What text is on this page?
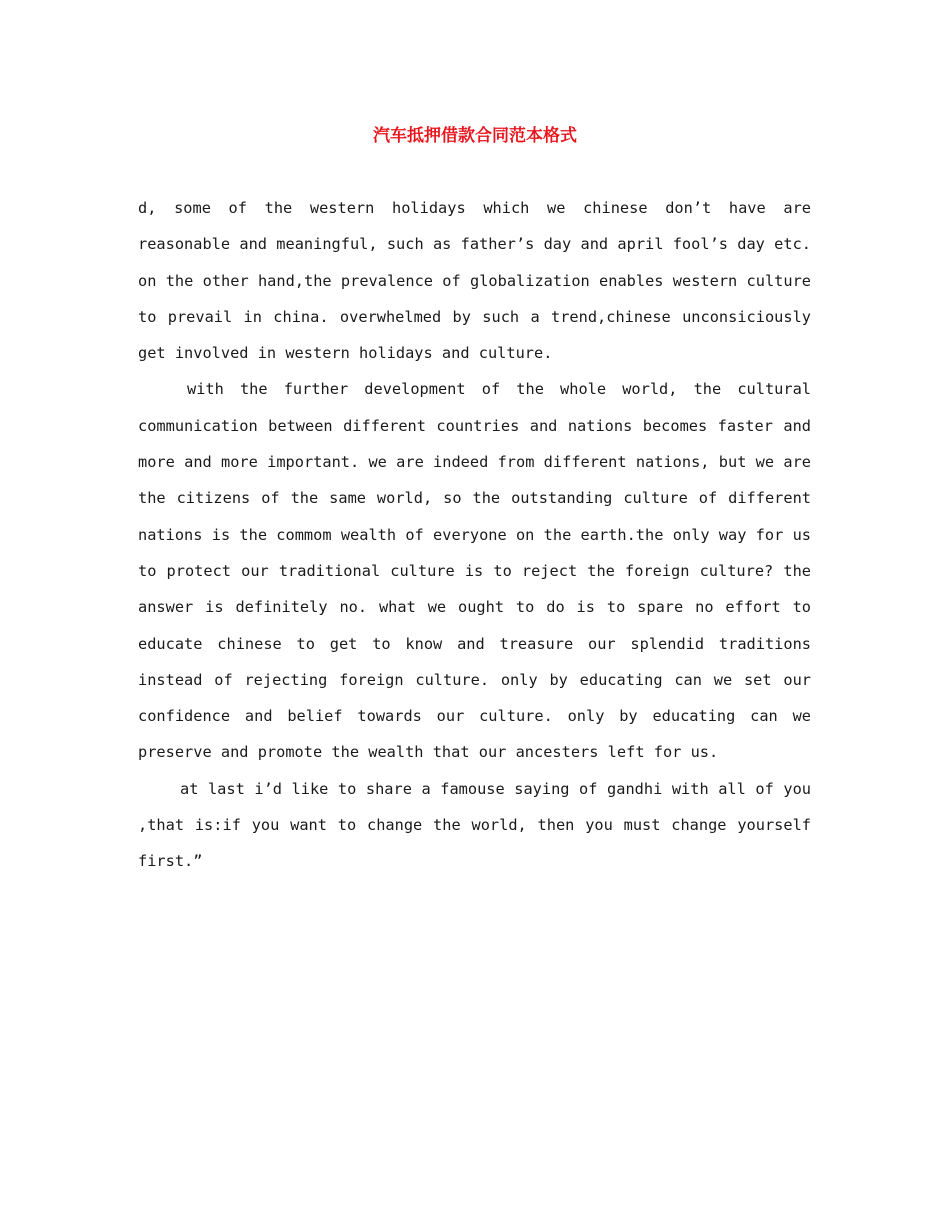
汽车抵押借款合同范本格式

d, some of the western holidays which we chinese don’t have are reasonable and meaningful, such as father’s day and april fool’s day etc. on the other hand,the prevalence of globalization enables western culture to prevail in china. overwhelmed by such a trend,chinese unconsiciously get involved in western holidays and culture.

with the further development of the whole world, the cultural communication between different countries and nations becomes faster and more and more important. we are indeed from different nations, but we are the citizens of the same world, so the outstanding culture of different nations is the commom wealth of everyone on the earth.the only way for us to protect our traditional culture is to reject the foreign culture? the answer is definitely no. what we ought to do is to spare no effort to educate chinese to get to know and treasure our splendid traditions instead of rejecting foreign culture. only by educating can we set our confidence and belief towards our culture. only by educating can we preserve and promote the wealth that our ancesters left for us.

at last i’d like to share a famouse saying of gandhi with all of you ,that is:if you want to change the world, then you must change yourself first.”
